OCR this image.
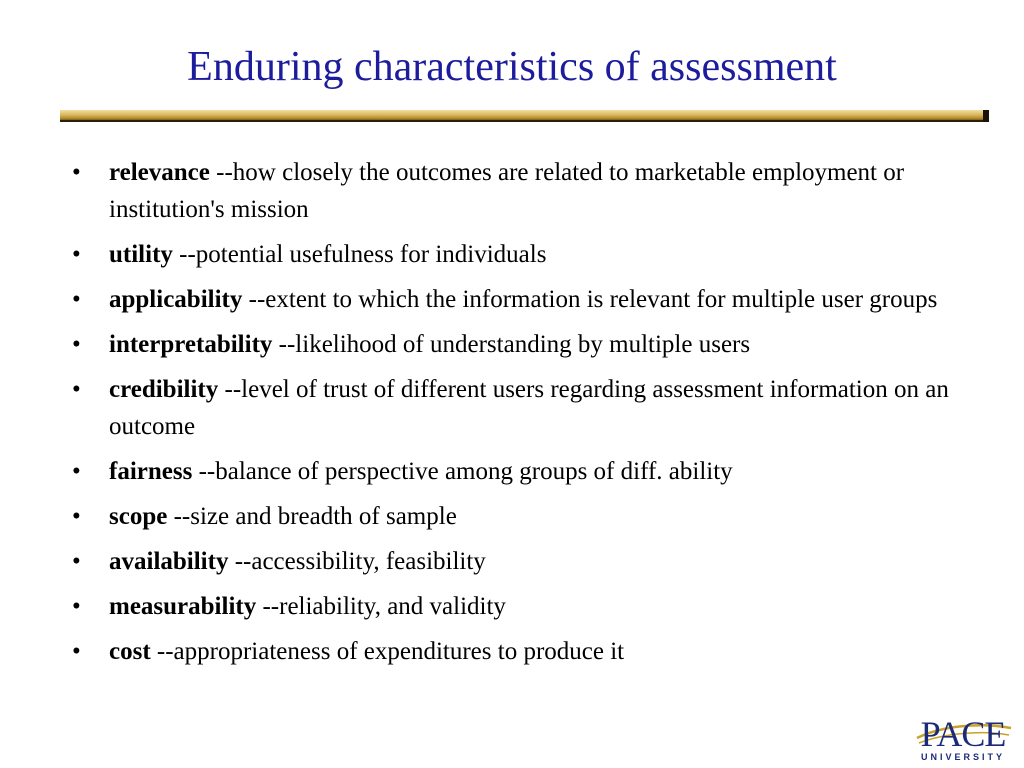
Enduring characteristics of assessment
•	relevance --how closely the outcomes are related to marketable employment or institution's mission
•	utility --potential usefulness for individuals
•	applicability --extent to which the information is relevant for multiple user groups
•	interpretability --likelihood of understanding by multiple users
•	credibility --level of trust of different users regarding assessment information on an outcome
•	fairness --balance of perspective among groups of diff. ability
•	scope --size and breadth of sample
•	availability --accessibility, feasibility
•	measurability --reliability, and validity
•	cost --appropriateness of expenditures to produce it
PACE
UNIVERSITY
